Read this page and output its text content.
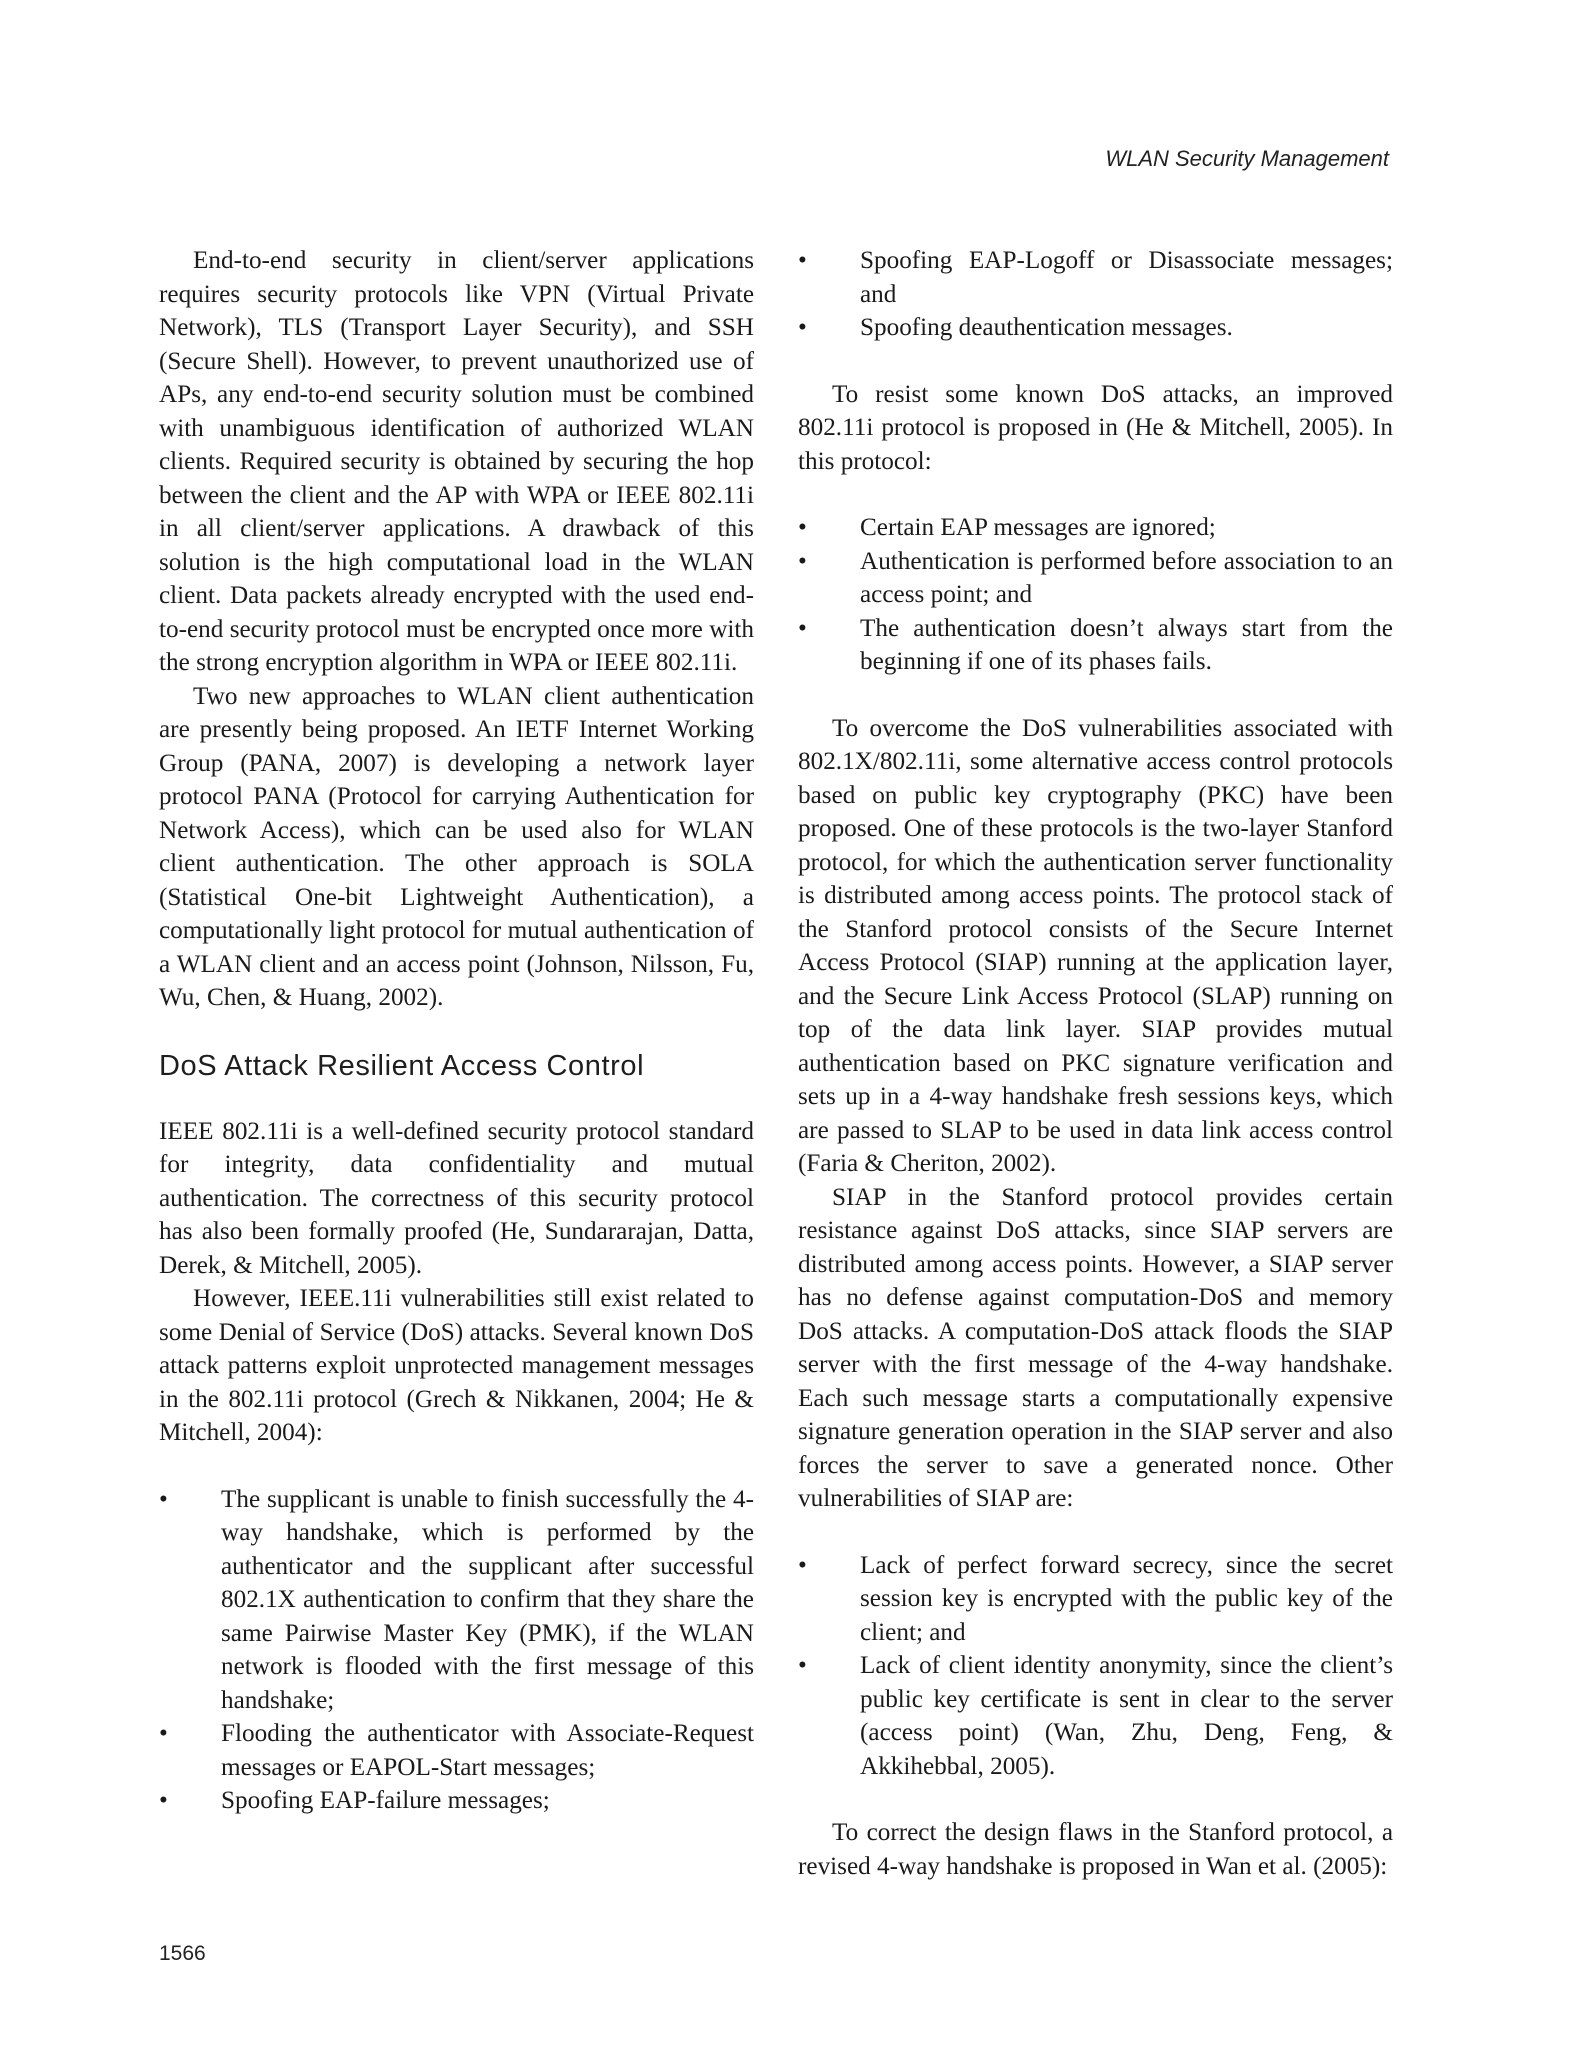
WLAN Security Management

End-to-end security in client/server applications requires security protocols like VPN (Virtual Private Network), TLS (Transport Layer Security), and SSH (Secure Shell). However, to prevent unauthorized use of APs, any end-to-end security solution must be combined with unambiguous identification of authorized WLAN clients. Required security is obtained by securing the hop between the client and the AP with WPA or IEEE 802.11i in all client/server applications. A drawback of this solution is the high computational load in the WLAN client. Data packets already encrypted with the used end-to-end security protocol must be encrypted once more with the strong encryption algorithm in WPA or IEEE 802.11i.

Two new approaches to WLAN client authentication are presently being proposed. An IETF Internet Working Group (PANA, 2007) is developing a network layer protocol PANA (Protocol for carrying Authentication for Network Access), which can be used also for WLAN client authentication. The other approach is SOLA (Statistical One-bit Lightweight Authentication), a computationally light protocol for mutual authentication of a WLAN client and an access point (Johnson, Nilsson, Fu, Wu, Chen, & Huang, 2002).

DoS Attack Resilient Access Control

IEEE 802.11i is a well-defined security protocol standard for integrity, data confidentiality and mutual authentication. The correctness of this security protocol has also been formally proofed (He, Sundararajan, Datta, Derek, & Mitchell, 2005).

However, IEEE.11i vulnerabilities still exist related to some Denial of Service (DoS) attacks. Several known DoS attack patterns exploit unprotected management messages in the 802.11i protocol (Grech & Nikkanen, 2004; He & Mitchell, 2004):

• The supplicant is unable to finish successfully the 4-way handshake, which is performed by the authenticator and the supplicant after successful 802.1X authentication to confirm that they share the same Pairwise Master Key (PMK), if the WLAN network is flooded with the first message of this handshake;
• Flooding the authenticator with Associate-Request messages or EAPOL-Start messages;
• Spoofing EAP-failure messages;
• Spoofing EAP-Logoff or Disassociate messages; and
• Spoofing deauthentication messages.

To resist some known DoS attacks, an improved 802.11i protocol is proposed in (He & Mitchell, 2005). In this protocol:

• Certain EAP messages are ignored;
• Authentication is performed before association to an access point; and
• The authentication doesn’t always start from the beginning if one of its phases fails.

To overcome the DoS vulnerabilities associated with 802.1X/802.11i, some alternative access control protocols based on public key cryptography (PKC) have been proposed. One of these protocols is the two-layer Stanford protocol, for which the authentication server functionality is distributed among access points. The protocol stack of the Stanford protocol consists of the Secure Internet Access Protocol (SIAP) running at the application layer, and the Secure Link Access Protocol (SLAP) running on top of the data link layer. SIAP provides mutual authentication based on PKC signature verification and sets up in a 4-way handshake fresh sessions keys, which are passed to SLAP to be used in data link access control (Faria & Cheriton, 2002).

SIAP in the Stanford protocol provides certain resistance against DoS attacks, since SIAP servers are distributed among access points. However, a SIAP server has no defense against computation-DoS and memory DoS attacks. A computation-DoS attack floods the SIAP server with the first message of the 4-way handshake. Each such message starts a computationally expensive signature generation operation in the SIAP server and also forces the server to save a generated nonce. Other vulnerabilities of SIAP are:

• Lack of perfect forward secrecy, since the secret session key is encrypted with the public key of the client; and
• Lack of client identity anonymity, since the client’s public key certificate is sent in clear to the server (access point) (Wan, Zhu, Deng, Feng, & Akkihebbal, 2005).

To correct the design flaws in the Stanford protocol, a revised 4-way handshake is proposed in Wan et al. (2005):

1566
